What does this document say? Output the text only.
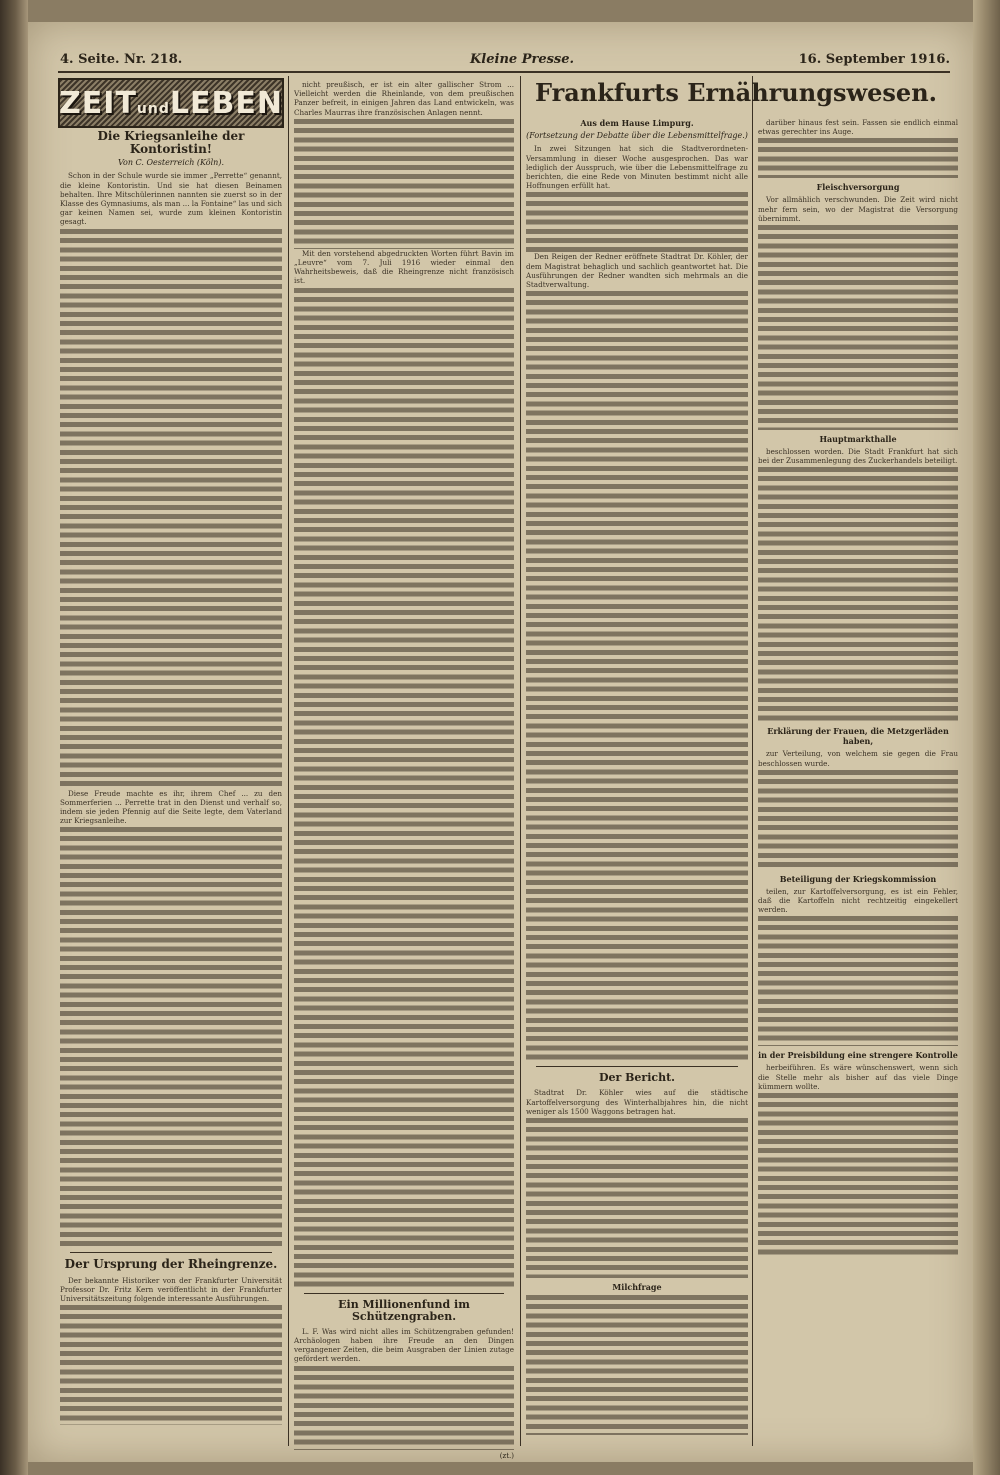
4. Seite. Nr. 218.	Kleine Presse.	16. September 1916.
ZEITundLEBEN
Die Kriegsanleihe der Kontoristin!
Von C. Oesterreich (Köln).

Schon in der Schule wurde sie immer „Perrette“ genannt, die kleine Kontoristin. Und sie hat diesen Beinamen behalten. Ihre Mitschülerinnen nannten sie zuerst so in der Klasse des Gymnasiums, als man ... la Fontaine“ las und sich gar keinen Namen sei, wurde zum kleinen Kontoristin gesagt.

Diese Freude machte es ihr, ihrem Chef ... zu den Sommerferien ... Perrette trat in den Dienst und verhalf so, indem sie jeden Pfennig auf die Seite legte, dem Vaterland zur Kriegsanleihe.

Der Ursprung der Rheingrenze.

Der bekannte Historiker von der Frankfurter Universität Professor Dr. Fritz Kern veröffentlicht in der Frankfurter Universitätszeitung folgende interessante Ausführungen.

nicht preußisch, er ist ein alter gallischer Strom ... Vielleicht werden die Rheinlande, von dem preußischen Panzer befreit, in einigen Jahren das Land entwickeln, was Charles Maurras ihre französischen Anlagen nennt.

Mit den vorstehend abgedruckten Worten führt Bavin im „Leuvre“ vom 7. Juli 1916 wieder einmal den Wahrheitsbeweis, daß die Rheingrenze nicht französisch ist.

Ein Millionenfund im Schützengraben.

L. F. Was wird nicht alles im Schützengraben gefunden! Archäologen haben ihre Freude an den Dingen vergangener Zeiten, die beim Ausgraben der Linien zutage gefördert werden.

(zt.)
Frankfurts Ernährungswesen.
Aus dem Hause Limpurg.
(Fortsetzung der Debatte über die Lebensmittelfrage.)

In zwei Sitzungen hat sich die Stadtverordneten-Versammlung in dieser Woche ausgesprochen. Das war lediglich der Ausspruch, wie über die Lebensmittelfrage zu berichten, die eine Rede von Minuten bestimmt nicht alle Hoffnungen erfüllt hat.

Den Reigen der Redner eröffnete Stadtrat Dr. Köhler, der dem Magistrat behaglich und sachlich geantwortet hat. Die Ausführungen der Redner wandten sich mehrmals an die Stadtverwaltung.

Der Bericht.

Stadtrat Dr. Köhler wies auf die städtische Kartoffelversorgung des Winterhalbjahres hin, die nicht weniger als 1500 Waggons betragen hat.

Milchfrage

darüber hinaus fest sein. Fassen sie endlich einmal etwas gerechter ins Auge.

Fleischversorgung

Vor allmählich verschwunden. Die Zeit wird nicht mehr fern sein, wo der Magistrat die Versorgung übernimmt.

Hauptmarkthalle

beschlossen worden. Die Stadt Frankfurt hat sich bei der Zusammenlegung des Zuckerhandels beteiligt.

Erklärung der Frauen, die Metzgerläden haben,

zur Verteilung, von welchem sie gegen die Frau beschlossen wurde.

Beteiligung der Kriegskommission

teilen, zur Kartoffelversorgung, es ist ein Fehler, daß die Kartoffeln nicht rechtzeitig eingekellert werden.

in der Preisbildung eine strengere Kontrolle

herbeiführen. Es wäre wünschenswert, wenn sich die Stelle mehr als bisher auf das viele Dinge kümmern wollte.
